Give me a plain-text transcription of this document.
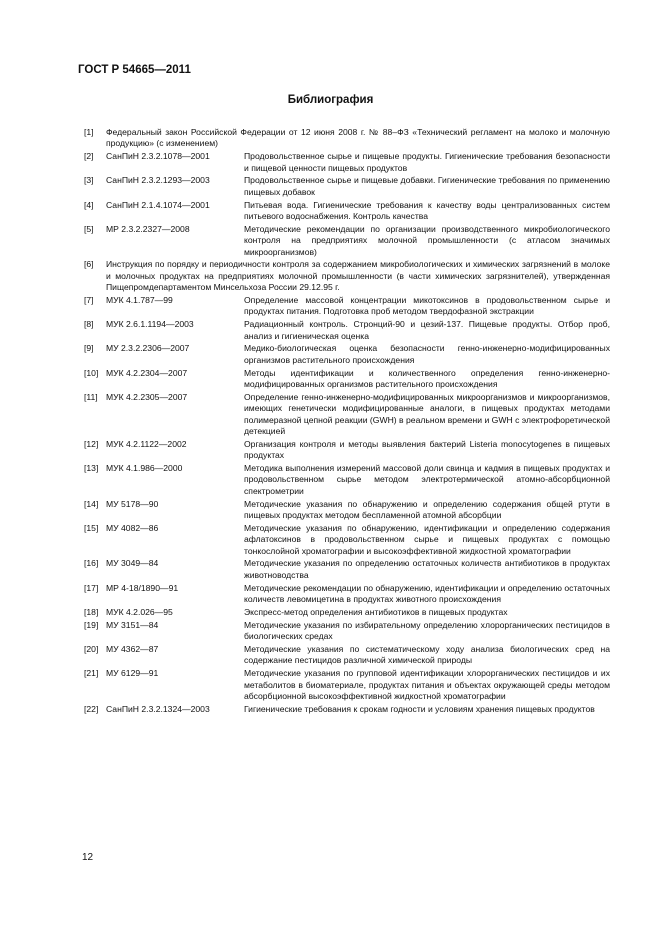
ГОСТ Р 54665—2011
Библиография
[1]	Федеральный закон Российской Федерации от 12 июня 2008 г. № 88–ФЗ «Технический регламент на молоко и молочную продукцию» (с изменением)
[2]	СанПиН 2.3.2.1078—2001	Продовольственное сырье и пищевые продукты. Гигиенические требования безопасности и пищевой ценности пищевых продуктов
[3]	СанПиН 2.3.2.1293—2003	Продовольственное сырье и пищевые добавки. Гигиенические требования по применению пищевых добавок
[4]	СанПиН 2.1.4.1074—2001	Питьевая вода. Гигиенические требования к качеству воды централизованных систем питьевого водоснабжения. Контроль качества
[5]	МР 2.3.2.2327—2008	Методические рекомендации по организации производственного микробиологического контроля на предприятиях молочной промышленности (с атласом значимых микроорганизмов)
[6]	Инструкция по порядку и периодичности контроля за содержанием микробиологических и химических загрязнений в молоке и молочных продуктах на предприятиях молочной промышленности (в части химических загрязнителей), утвержденная Пищепромдепартаментом Минсельхоза России 29.12.95 г.
[7]	МУК 4.1.787—99	Определение массовой концентрации микотоксинов в продовольственном сырье и продуктах питания. Подготовка проб методом твердофазной экстракции
[8]	МУК 2.6.1.1194—2003	Радиационный контроль. Стронций-90 и цезий-137. Пищевые продукты. Отбор проб, анализ и гигиеническая оценка
[9]	МУ 2.3.2.2306—2007	Медико-биологическая оценка безопасности генно-инженерно-модифицированных организмов растительного происхождения
[10] МУК 4.2.2304—2007	Методы идентификации и количественного определения генно-инженерно-модифицированных организмов растительного происхождения
[11] МУК 4.2.2305—2007	Определение генно-инженерно-модифицированных микроорганизмов и микроорганизмов, имеющих генетически модифицированные аналоги, в пищевых продуктах методами полимеразной цепной реакции (GWH) в реальном времени и GWH с электрофоретической детекцией
[12] МУК 4.2.1122—2002	Организация контроля и методы выявления бактерий Listeria monocytogenes в пищевых продуктах
[13] МУК 4.1.986—2000	Методика выполнения измерений массовой доли свинца и кадмия в пищевых продуктах и продовольственном сырье методом электротермической атомно-абсорбционной спектрометрии
[14] МУ 5178—90	Методические указания по обнаружению и определению содержания общей ртути в пищевых продуктах методом беспламенной атомной абсорбции
[15] МУ 4082—86	Методические указания по обнаружению, идентификации и определению содержания афлатоксинов в продовольственном сырье и пищевых продуктах с помощью тонкослойной хроматографии и высокоэффективной жидкостной хроматографии
[16] МУ 3049—84	Методические указания по определению остаточных количеств антибиотиков в продуктах животноводства
[17] МР 4-18/1890—91	Методические рекомендации по обнаружению, идентификации и определению остаточных количеств левомицетина в продуктах животного происхождения
[18] МУК 4.2.026—95	Экспресс-метод определения антибиотиков в пищевых продуктах
[19] МУ 3151—84	Методические указания по избирательному определению хлорорганических пестицидов в биологических средах
[20] МУ 4362—87	Методические указания по систематическому ходу анализа биологических сред на содержание пестицидов различной химической природы
[21] МУ 6129—91	Методические указания по групповой идентификации хлорорганических пестицидов и их метаболитов в биоматериале, продуктах питания и объектах окружающей среды методом абсорбционной высокоэффективной жидкостной хроматографии
[22] СанПиН 2.3.2.1324—2003	Гигиенические требования к срокам годности и условиям хранения пищевых продуктов
12
